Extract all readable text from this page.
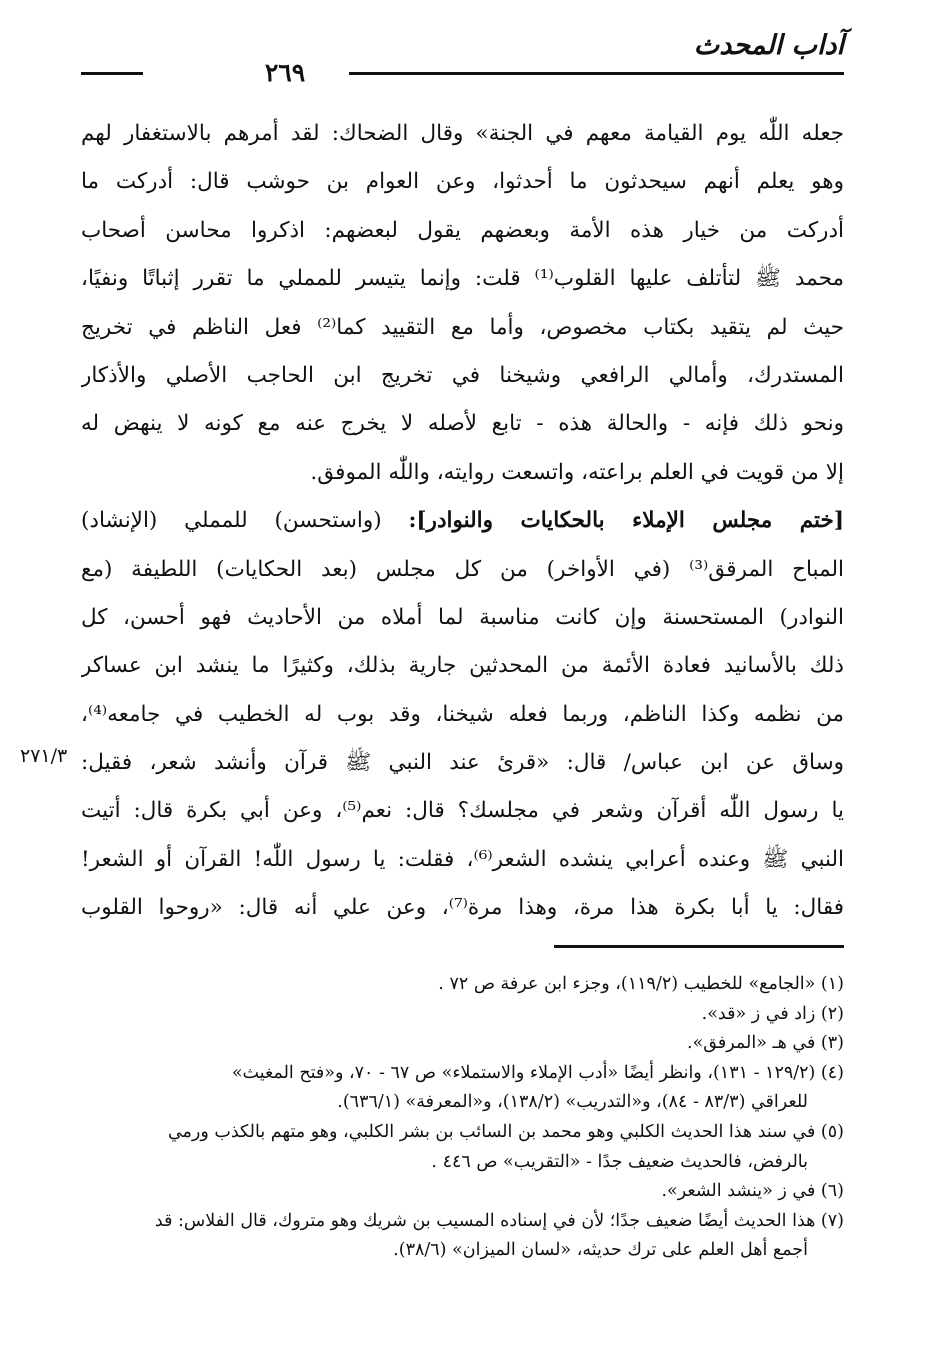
آداب المحدث
٢٦٩
جعله اللّٰه يوم القيامة معهم في الجنة» وقال الضحاك: لقد أمرهم بالاستغفار لهم
وهو يعلم أنهم سيحدثون ما أحدثوا، وعن العوام بن حوشب قال: أدركت ما
أدركت من خيار هذه الأمة وبعضهم يقول لبعضهم: اذكروا محاسن أصحاب
محمد ﷺ لتأتلف عليها القلوب⁽¹⁾ قلت: وإنما يتيسر للمملي ما تقرر إثباتًا ونفيًا،
حيث لم يتقيد بكتاب مخصوص، وأما مع التقييد كما⁽²⁾ فعل الناظم في تخريج
المستدرك، وأمالي الرافعي وشيخنا في تخريج ابن الحاجب الأصلي والأذكار
ونحو ذلك فإنه - والحالة هذه - تابع لأصله لا يخرج عنه مع كونه لا ينهض له
إلا من قويت في العلم براعته، واتسعت روايته، واللّٰه الموفق.
[ختم مجلس الإملاء بالحكايات والنوادر]: (واستحسن) للمملي (الإنشاد)
المباح المرقق⁽³⁾ (في الأواخر) من كل مجلس (بعد الحكايات) اللطيفة (مع
النوادر) المستحسنة وإن كانت مناسبة لما أملاه من الأحاديث فهو أحسن، كل
ذلك بالأسانيد فعادة الأئمة من المحدثين جارية بذلك، وكثيرًا ما ينشد ابن عساكر
من نظمه وكذا الناظم، وربما فعله شيخنا، وقد بوب له الخطيب في جامعه⁽⁴⁾،
وساق عن ابن عباس/ قال: «قرئ عند النبي ﷺ قرآن وأنشد شعر، فقيل:
يا رسول اللّٰه أقرآن وشعر في مجلسك؟ قال: نعم⁽⁵⁾، وعن أبي بكرة قال: أتيت
النبي ﷺ وعنده أعرابي ينشده الشعر⁽⁶⁾، فقلت: يا رسول اللّٰه! القرآن أو الشعر!
فقال: يا أبا بكرة هذا مرة، وهذا مرة⁽⁷⁾، وعن علي أنه قال: «روحوا القلوب
٢٧١/٣
(١) «الجامع» للخطيب (١١٩/٢)، وجزء ابن عرفة ص ٧٢ .
(٢) زاد في ز «قد».
(٣) في هـ «المرفق».
(٤) (١٢٩/٢ - ١٣١)، وانظر أيضًا «أدب الإملاء والاستملاء» ص ٦٧ - ٧٠، و«فتح المغيث»
للعراقي (٨٣/٣ - ٨٤)، و«التدريب» (١٣٨/٢)، و«المعرفة» (٦٣٦/١).
(٥) في سند هذا الحديث الكلبي وهو محمد بن السائب بن بشر الكلبي، وهو متهم بالكذب ورمي
بالرفض، فالحديث ضعيف جدًا - «التقريب» ص ٤٤٦ .
(٦) في ز «ينشد الشعر».
(٧) هذا الحديث أيضًا ضعيف جدًا؛ لأن في إسناده المسيب بن شريك وهو متروك، قال الفلاس: قد
أجمع أهل العلم على ترك حديثه، «لسان الميزان» (٣٨/٦).
